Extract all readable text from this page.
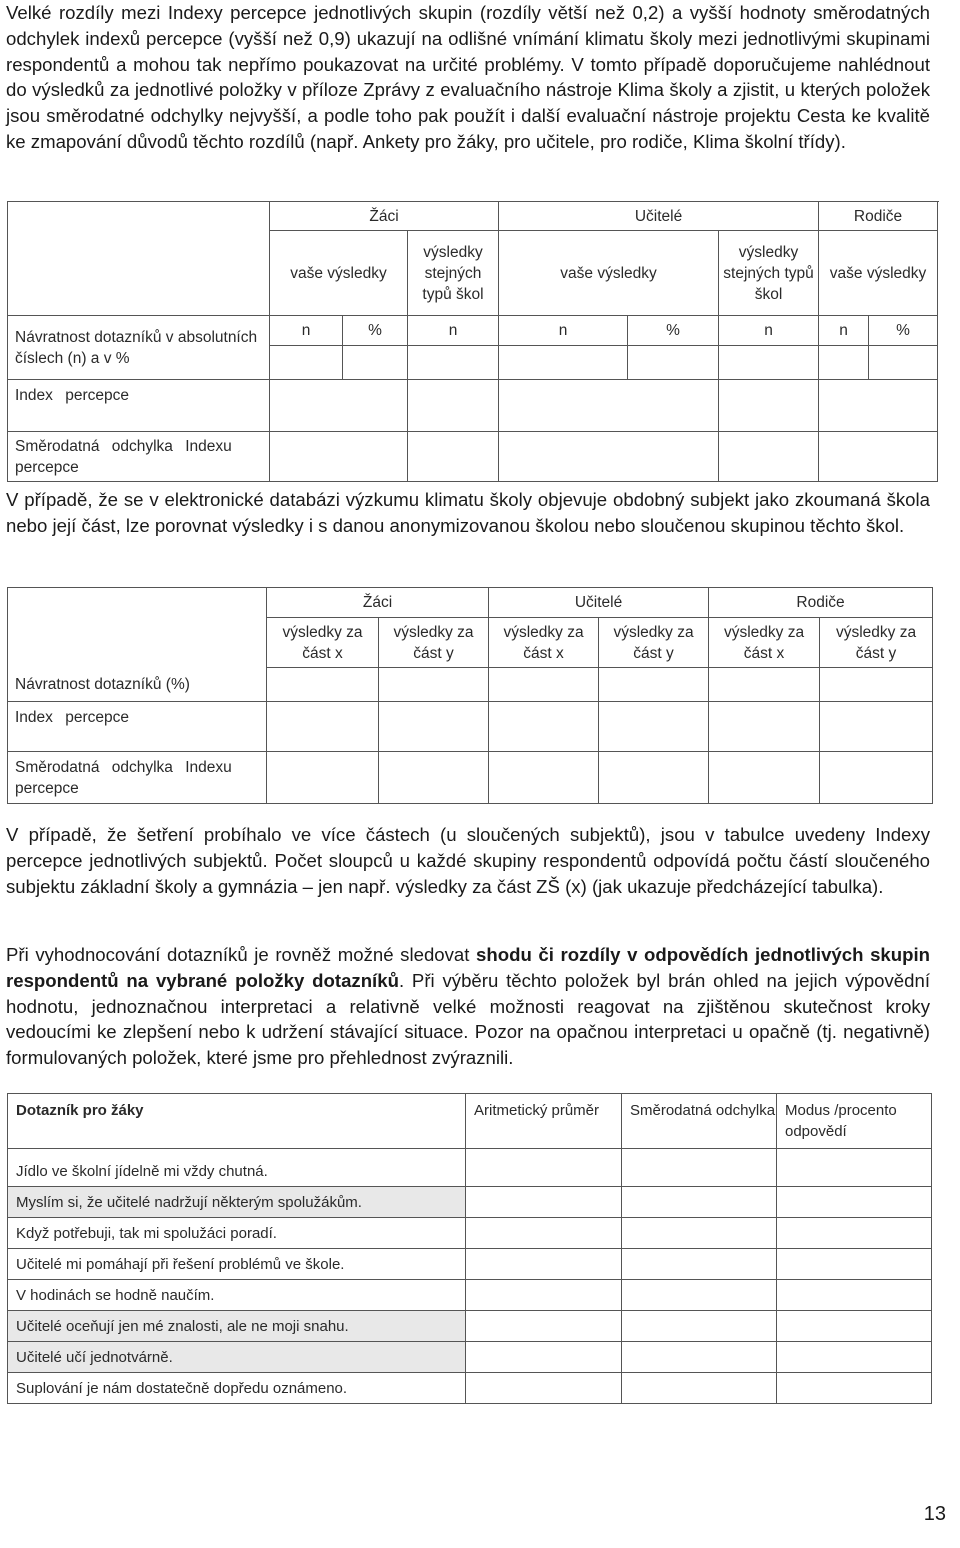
Velké rozdíly mezi Indexy percepce jednotlivých skupin (rozdíly větší než 0,2) a vyšší hodnoty směrodatných odchylek indexů percepce (vyšší než 0,9) ukazují na odlišné vnímání klimatu školy mezi jednotlivými skupinami respondentů a mohou tak nepřímo poukazovat na určité problémy. V tomto případě doporučujeme nahlédnout do výsledků za jednotlivé položky v příloze Zprávy z evaluačního nástroje Klima školy a zjistit, u kterých položek jsou směrodatné odchylky nejvyšší, a podle toho pak použít i další evaluační nástroje projektu Cesta ke kvalitě ke zmapování důvodů těchto rozdílů (např. Ankety pro žáky, pro učitele, pro rodiče, Klima školní třídy).

	Žáci			Učitelé			Rodiče		
	vaše výsledky		výsledky stejných typů škol	vaše výsledky		výsledky stejných typů škol	vaše výsledky	
Návratnost dotazníků v absolutních číslech (n) a v %	n	%	n	n	%	n	n	%	

Index percepce									
Směrodatná odchylka Indexu percepce									

V případě, že se v elektronické databázi výzkumu klimatu školy objevuje obdobný subjekt jako zkoumaná škola nebo její část, lze porovnat výsledky i s danou anonymizovanou školou nebo sloučenou skupinou těchto škol.

	Žáci		Učitelé		Rodiče	
	výsledky za část x	výsledky za část y	výsledky za část x	výsledky za část y	výsledky za část x	výsledky za část y
Návratnost dotazníků (%)						
Index percepce						
Směrodatná odchylka Indexu percepce						

V případě, že šetření probíhalo ve více částech (u sloučených subjektů), jsou v tabulce uvedeny Indexy percepce jednotlivých subjektů. Počet sloupců u každé skupiny respondentů odpovídá počtu částí sloučeného subjektu základní školy a gymnázia – jen např. výsledky za část ZŠ (x) (jak ukazuje předcházející tabulka).

Při vyhodnocování dotazníků je rovněž možné sledovat shodu či rozdíly v odpovědích jednotlivých skupin respondentů na vybrané položky dotazníků. Při výběru těchto položek byl brán ohled na jejich výpovědní hodnotu, jednoznačnou interpretaci a relativně velké možnosti reagovat na zjištěnou skutečnost kroky vedoucími ke zlepšení nebo k udržení stávající situace. Pozor na opačnou interpretaci u opačně (tj. negativně) formulovaných položek, které jsme pro přehlednost zvýraznili.

Dotazník pro žáky	Aritmetický průměr	Směrodatná odchylka	Modus /procento odpovědí
Jídlo ve školní jídelně mi vždy chutná.			
Myslím si, že učitelé nadržují některým spolužákům.			
Když potřebuji, tak mi spolužáci poradí.			
Učitelé mi pomáhají při řešení problémů ve škole.			
V hodinách se hodně naučím.			
Učitelé oceňují jen mé znalosti, ale ne moji snahu.			
Učitelé učí jednotvárně.			
Suplování je nám dostatečně dopředu oznámeno.			
13
